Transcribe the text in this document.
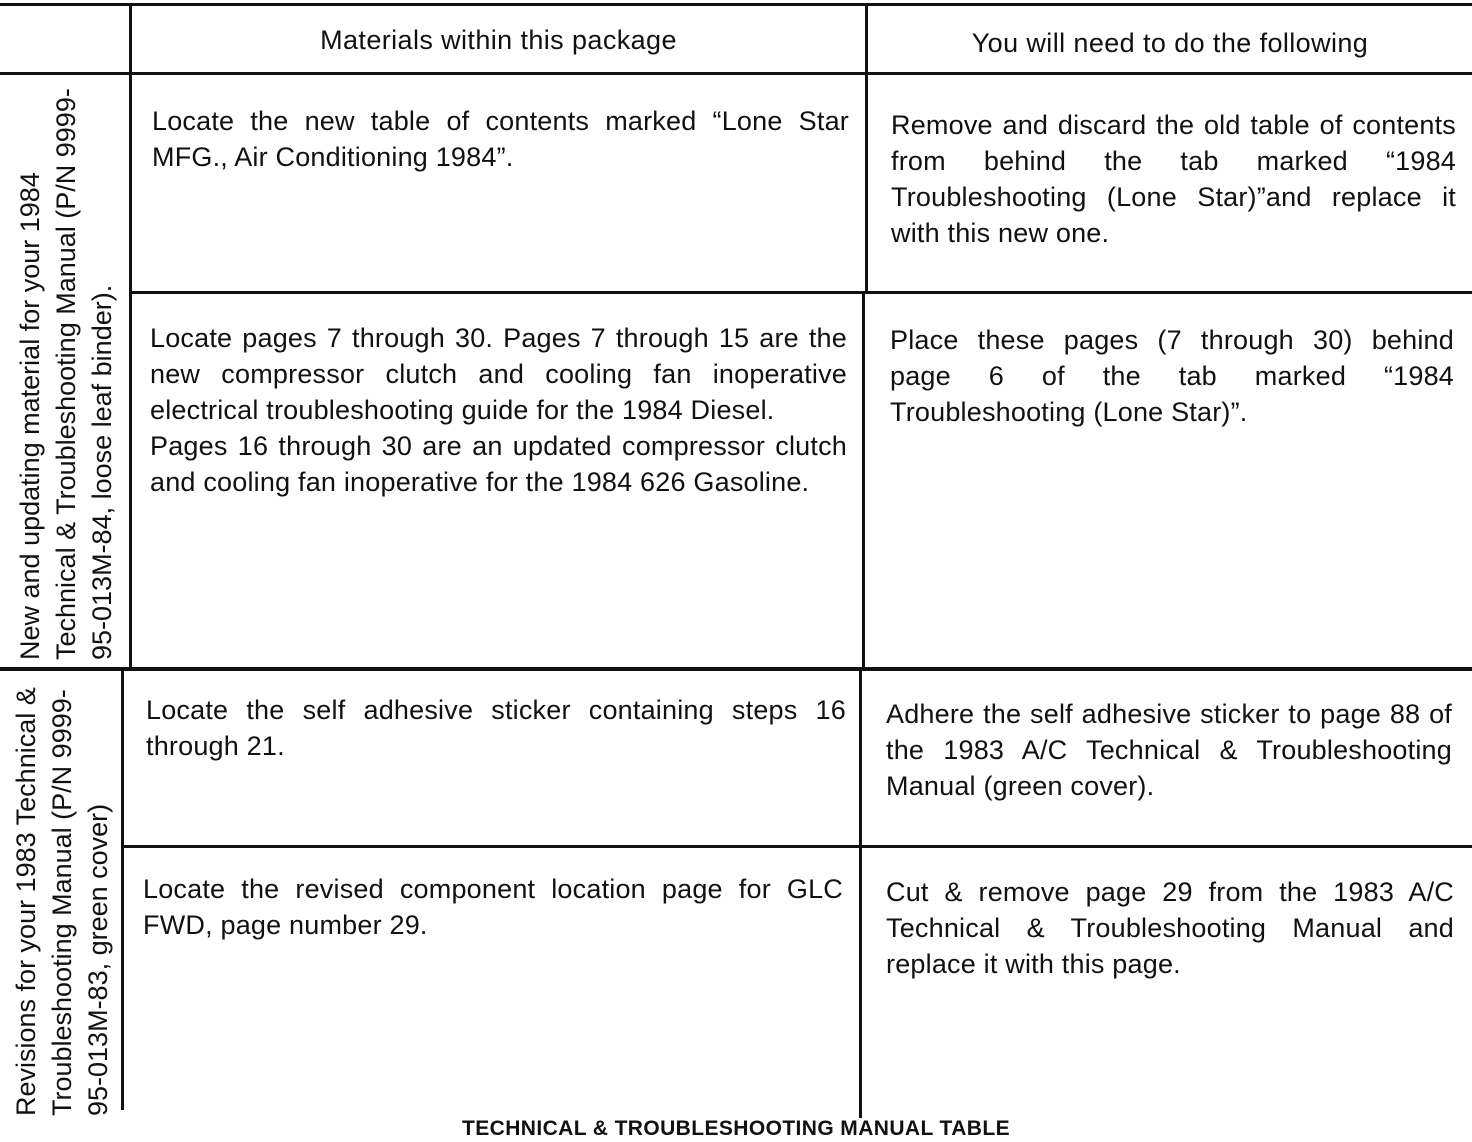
Materials within this package	You will need to do the following
New and updating material for your 1984 Technical & Troubleshooting Manual (P/N 9999-95-013M-84, loose leaf binder).
Revisions for your 1983 Technical & Troubleshooting Manual (P/N 9999-95-013M-83, green cover)
Locate the new table of contents marked “Lone Star MFG., Air Conditioning 1984”.
Remove and discard the old table of contents from behind the tab marked “1984 Troubleshooting (Lone Star)”and replace it with this new one.
Locate pages 7 through 30. Pages 7 through 15 are the new compressor clutch and cooling fan inoperative electrical troubleshooting guide for the 1984 Diesel.
Pages 16 through 30 are an updated compressor clutch and cooling fan inoperative for the 1984 626 Gasoline.
Place these pages (7 through 30) behind page 6 of the tab marked “1984 Troubleshooting (Lone Star)”.
Locate the self adhesive sticker containing steps 16 through 21.
Adhere the self adhesive sticker to page 88 of the 1983 A/C Technical & Troubleshooting Manual (green cover).
Locate the revised component location page for GLC FWD, page number 29.
Cut & remove page 29 from the 1983 A/C Technical & Troubleshooting Manual and replace it with this page.
TECHNICAL & TROUBLESHOOTING MANUAL TABLE
